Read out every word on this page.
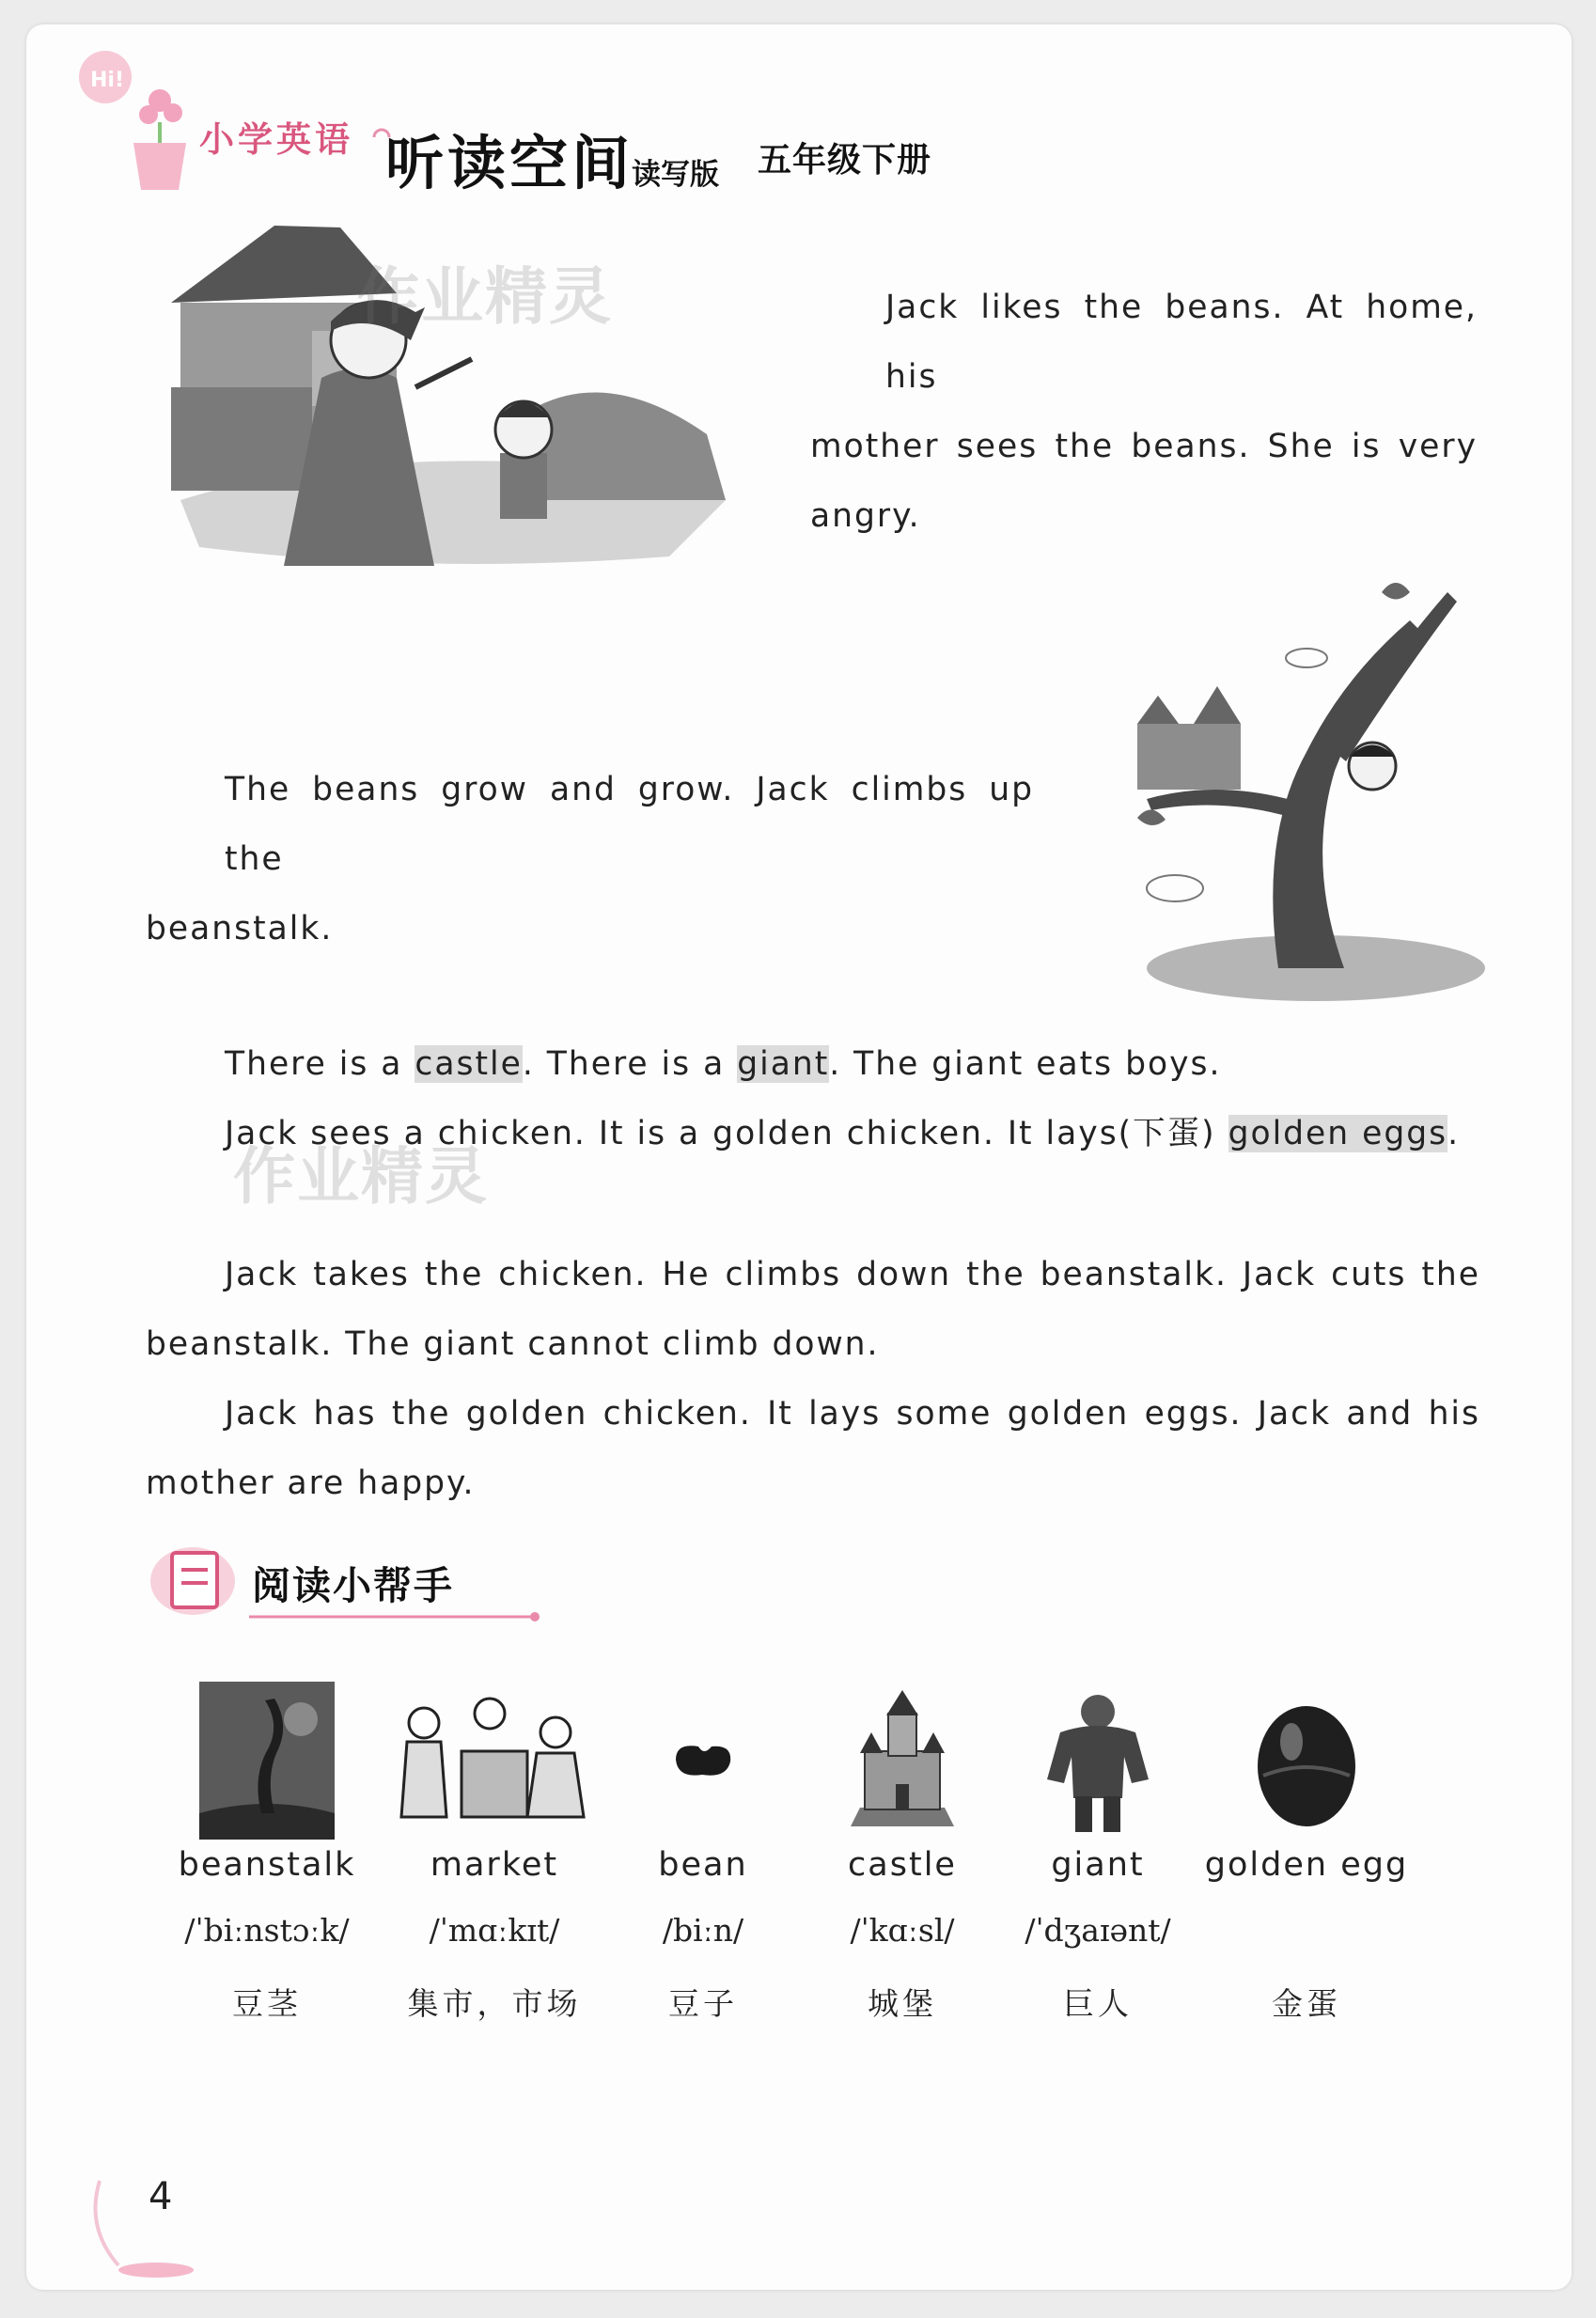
Hi!
小学英语 听读空间
读写版 五年级下册
作业精灵	Jack likes the beans. At home, his
mother sees the beans. She is very
angry.
The beans grow and grow. Jack climbs up the
beanstalk.
There is a castle. There is a giant. The giant eats boys.
Jack sees a chicken. It is a golden chicken. It lays(下蛋) golden eggs.
作业精灵
Jack takes the chicken. He climbs down the beanstalk. Jack cuts the
beanstalk. The giant cannot climb down.
Jack has the golden chicken. It lays some golden eggs. Jack and his
mother are happy.
阅读小帮手
beanstalk
/ˈbiːnstɔːk/
豆茎
market
/ˈmɑːkɪt/
集市，市场
bean
/biːn/
豆子
castle
/ˈkɑːsl/
城堡
giant
/ˈdʒaɪənt/
巨人
golden egg
金蛋
4
